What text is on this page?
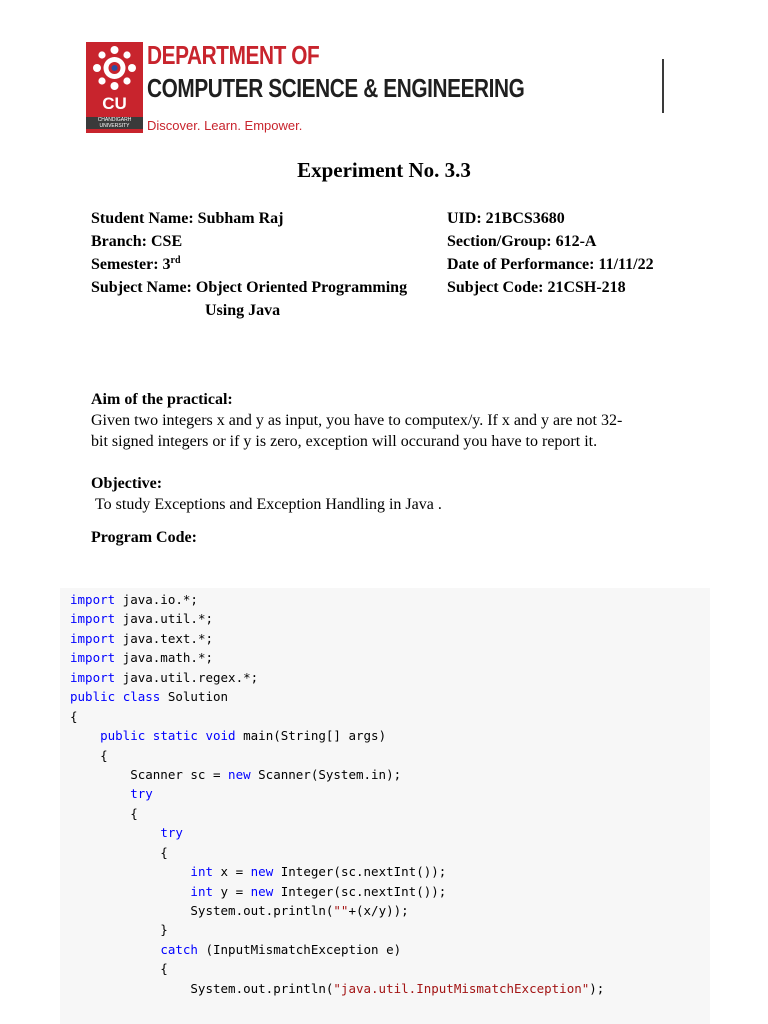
CU
CHANDIGARH UNIVERSITY
DEPARTMENT OF
COMPUTER SCIENCE & ENGINEERING
Discover. Learn. Empower.
Experiment No. 3.3
Student Name: Subham Raj
Branch: CSE
Semester: 3rd
Subject Name: Object Oriented Programming
Using Java
UID: 21BCS3680
Section/Group: 612-A
Date of Performance: 11/11/22
Subject Code: 21CSH-218
Aim of the practical:
Given two integers x and y as input, you have to computex/y. If x and y are not 32-
bit signed integers or if y is zero, exception will occurand you have to report it.
Objective:
To study Exceptions and Exception Handling in Java .
Program Code:
import java.io.*;
import java.util.*;
import java.text.*;
import java.math.*;
import java.util.regex.*;
public class Solution
{
public static void main(String[] args)
{
Scanner sc = new Scanner(System.in);
try
{
try
{
int x = new Integer(sc.nextInt());
int y = new Integer(sc.nextInt());
System.out.println(""+(x/y));
}
catch (InputMismatchException e)
{
System.out.println("java.util.InputMismatchException");
